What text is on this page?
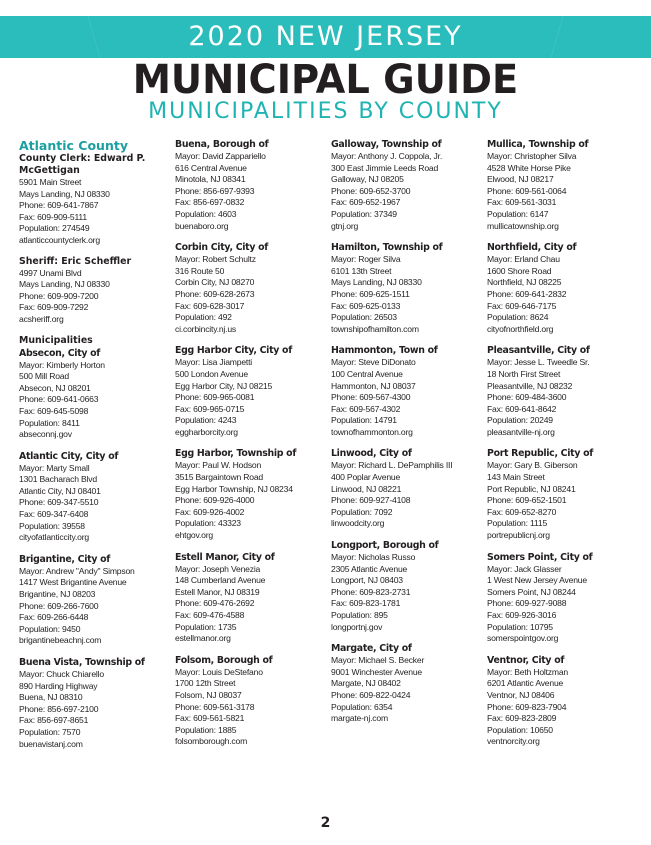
2020 NEW JERSEY
MUNICIPAL GUIDE
MUNICIPALITIES BY COUNTY
Atlantic County
County Clerk: Edward P. McGettigan
5901 Main Street
Mays Landing, NJ 08330
Phone: 609-641-7867
Fax: 609-909-5111
Population: 274549
atlanticcountyclerk.org
Sheriff: Eric Scheffler
4997 Unami Blvd
Mays Landing, NJ 08330
Phone: 609-909-7200
Fax: 609-909-7292
acsheriff.org
Municipalities
Absecon, City of
Mayor: Kimberly Horton
500 Mill Road
Absecon, NJ 08201
Phone: 609-641-0663
Fax: 609-645-5098
Population: 8411
abseconnj.gov
Atlantic City, City of
Mayor: Marty Small
1301 Bacharach Blvd
Atlantic City, NJ 08401
Phone: 609-347-5510
Fax: 609-347-6408
Population: 39558
cityofatlanticcity.org
Brigantine, City of
Mayor: Andrew "Andy" Simpson
1417 West Brigantine Avenue
Brigantine, NJ 08203
Phone: 609-266-7600
Fax: 609-266-6448
Population: 9450
brigantinebeachnj.com
Buena Vista, Township of
Mayor: Chuck Chiarello
890 Harding Highway
Buena, NJ 08310
Phone: 856-697-2100
Fax: 856-697-8651
Population: 7570
buenavistanj.com
Buena, Borough of
Mayor: David Zappariello
616 Central Avenue
Minotola, NJ 08341
Phone: 856-697-9393
Fax: 856-697-0832
Population: 4603
buenaboro.org
Corbin City, City of
Mayor: Robert Schultz
316 Route 50
Corbin City, NJ 08270
Phone: 609-628-2673
Fax: 609-628-3017
Population: 492
ci.corbincity.nj.us
Egg Harbor City, City of
Mayor: Lisa Jiampetti
500 London Avenue
Egg Harbor City, NJ 08215
Phone: 609-965-0081
Fax: 609-965-0715
Population: 4243
eggharborcity.org
Egg Harbor, Township of
Mayor: Paul W. Hodson
3515 Bargaintown Road
Egg Harbor Township, NJ 08234
Phone: 609-926-4000
Fax: 609-926-4002
Population: 43323
ehtgov.org
Estell Manor, City of
Mayor: Joseph Venezia
148 Cumberland Avenue
Estell Manor, NJ 08319
Phone: 609-476-2692
Fax: 609-476-4588
Population: 1735
estellmanor.org
Folsom, Borough of
Mayor: Louis DeStefano
1700 12th Street
Folsom, NJ 08037
Phone: 609-561-3178
Fax: 609-561-5821
Population: 1885
folsomborough.com
Galloway, Township of
Mayor: Anthony J. Coppola, Jr.
300 East Jimmie Leeds Road
Galloway, NJ 08205
Phone: 609-652-3700
Fax: 609-652-1967
Population: 37349
gtnj.org
Hamilton, Township of
Mayor: Roger Silva
6101 13th Street
Mays Landing, NJ 08330
Phone: 609-625-1511
Fax: 609-625-0133
Population: 26503
townshipofhamilton.com
Hammonton, Town of
Mayor: Steve DiDonato
100 Central Avenue
Hammonton, NJ 08037
Phone: 609-567-4300
Fax: 609-567-4302
Population: 14791
townofhammonton.org
Linwood, City of
Mayor: Richard L. DePamphilis III
400 Poplar Avenue
Linwood, NJ 08221
Phone: 609-927-4108
Population: 7092
linwoodcity.org
Longport, Borough of
Mayor: Nicholas Russo
2305 Atlantic Avenue
Longport, NJ 08403
Phone: 609-823-2731
Fax: 609-823-1781
Population: 895
longportnj.gov
Margate, City of
Mayor: Michael S. Becker
9001 Winchester Avenue
Margate, NJ 08402
Phone: 609-822-0424
Population: 6354
margate-nj.com
Mullica, Township of
Mayor: Christopher Silva
4528 White Horse Pike
Elwood, NJ 08217
Phone: 609-561-0064
Fax: 609-561-3031
Population: 6147
mullicatownship.org
Northfield, City of
Mayor: Erland Chau
1600 Shore Road
Northfield, NJ 08225
Phone: 609-641-2832
Fax: 609-646-7175
Population: 8624
cityofnorthfield.org
Pleasantville, City of
Mayor: Jesse L. Tweedle Sr.
18 North First Street
Pleasantville, NJ 08232
Phone: 609-484-3600
Fax: 609-641-8642
Population: 20249
pleasantville-nj.org
Port Republic, City of
Mayor: Gary B. Giberson
143 Main Street
Port Republic, NJ 08241
Phone: 609-652-1501
Fax: 609-652-8270
Population: 1115
portrepublicnj.org
Somers Point, City of
Mayor: Jack Glasser
1 West New Jersey Avenue
Somers Point, NJ 08244
Phone: 609-927-9088
Fax: 609-926-3016
Population: 10795
somerspointgov.org
Ventnor, City of
Mayor: Beth Holtzman
6201 Atlantic Avenue
Ventnor, NJ 08406
Phone: 609-823-7904
Fax: 609-823-2809
Population: 10650
ventnorcity.org
2
